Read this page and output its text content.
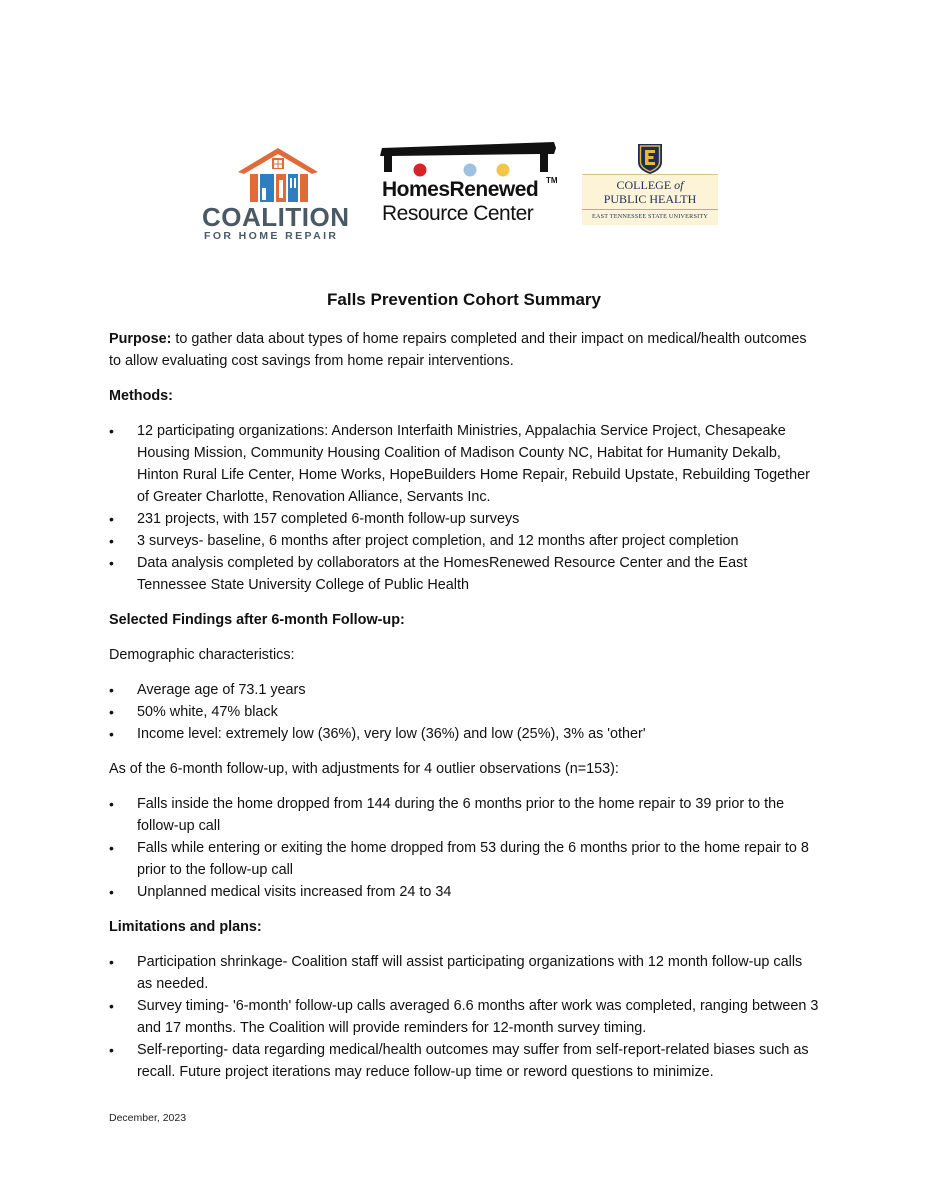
COALITION
FOR HOME REPAIR
HomesRenewed TM
Resource Center
COLLEGE of
PUBLIC HEALTH
EAST TENNESSEE STATE UNIVERSITY
Falls Prevention Cohort Summary

Purpose: to gather data about types of home repairs completed and their impact on medical/health outcomes to allow evaluating cost savings from home repair interventions.

Methods:

• 12 participating organizations: Anderson Interfaith Ministries, Appalachia Service Project, Chesapeake Housing Mission, Community Housing Coalition of Madison County NC, Habitat for Humanity Dekalb, Hinton Rural Life Center, Home Works, HopeBuilders Home Repair, Rebuild Upstate, Rebuilding Together of Greater Charlotte, Renovation Alliance, Servants Inc.
• 231 projects, with 157 completed 6-month follow-up surveys
• 3 surveys- baseline, 6 months after project completion, and 12 months after project completion
• Data analysis completed by collaborators at the HomesRenewed Resource Center and the East Tennessee State University College of Public Health

Selected Findings after 6-month Follow-up:

Demographic characteristics:

• Average age of 73.1 years
• 50% white, 47% black
• Income level: extremely low (36%), very low (36%) and low (25%), 3% as 'other'

As of the 6-month follow-up, with adjustments for 4 outlier observations (n=153):

• Falls inside the home dropped from 144 during the 6 months prior to the home repair to 39 prior to the follow-up call
• Falls while entering or exiting the home dropped from 53 during the 6 months prior to the home repair to 8 prior to the follow-up call
• Unplanned medical visits increased from 24 to 34

Limitations and plans:

• Participation shrinkage- Coalition staff will assist participating organizations with 12 month follow-up calls as needed.
• Survey timing- '6-month' follow-up calls averaged 6.6 months after work was completed, ranging between 3 and 17 months. The Coalition will provide reminders for 12-month survey timing.
• Self-reporting- data regarding medical/health outcomes may suffer from self-report-related biases such as recall. Future project iterations may reduce follow-up time or reword questions to minimize.
December, 2023
